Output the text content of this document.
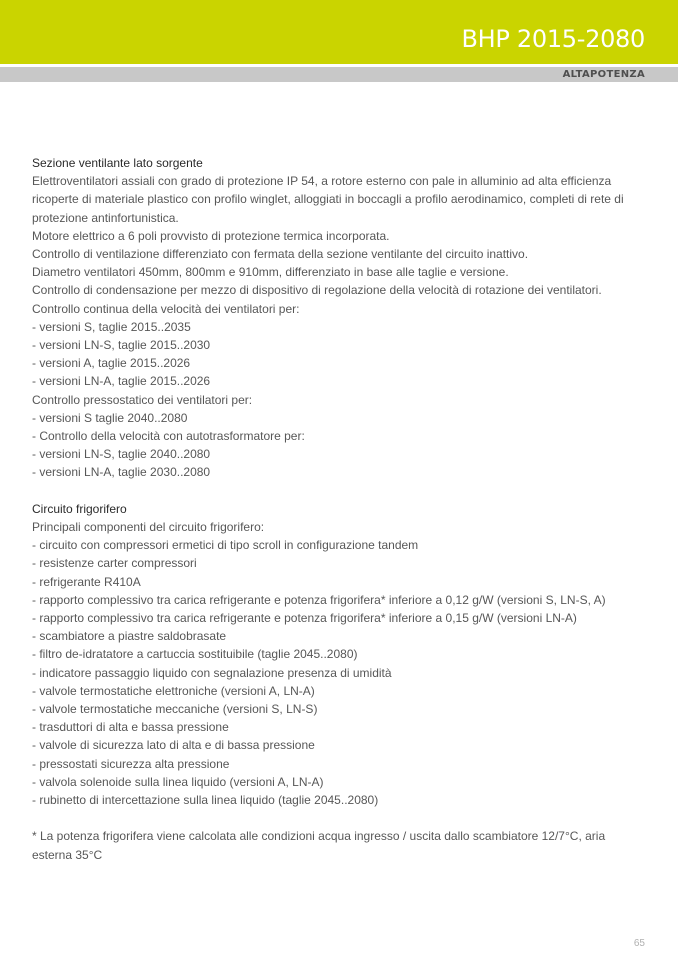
BHP 2015-2080
ALTAPOTENZA
Sezione ventilante lato sorgente

Elettroventilatori assiali con grado di protezione IP 54, a rotore esterno con pale in alluminio ad alta efficienza ricoperte di materiale plastico con profilo winglet, alloggiati in boccagli a profilo aerodinamico, completi di rete di protezione antinfortunistica.

Motore elettrico a 6 poli provvisto di protezione termica incorporata.
Controllo di ventilazione differenziato con fermata della sezione ventilante del circuito inattivo.
Diametro ventilatori 450mm, 800mm e 910mm, differenziato in base alle taglie e versione.
Controllo di condensazione per mezzo di dispositivo di regolazione della velocità di rotazione dei ventilatori.
Controllo continua della velocità dei ventilatori per:
- versioni S, taglie 2015..2035
- versioni LN-S, taglie 2015..2030
- versioni A, taglie 2015..2026
- versioni LN-A, taglie 2015..2026
Controllo pressostatico dei ventilatori per:
- versioni S taglie 2040..2080
- Controllo della velocità con autotrasformatore per:
- versioni LN-S, taglie 2040..2080
- versioni LN-A, taglie 2030..2080
Circuito frigorifero
Principali componenti del circuito frigorifero:
- circuito con compressori ermetici di tipo scroll in configurazione tandem
- resistenze carter compressori
- refrigerante R410A
- rapporto complessivo tra carica refrigerante e potenza frigorifera* inferiore a 0,12 g/W (versioni S, LN-S, A)
- rapporto complessivo tra carica refrigerante e potenza frigorifera* inferiore a 0,15 g/W (versioni LN-A)
- scambiatore a piastre saldobrasate
- filtro de-idratatore a cartuccia sostituibile (taglie 2045..2080)
- indicatore passaggio liquido con segnalazione presenza di umidità
- valvole termostatiche elettroniche (versioni A, LN-A)
- valvole termostatiche meccaniche (versioni S, LN-S)
- trasduttori di alta e bassa pressione
- valvole di sicurezza lato di alta e di bassa pressione
- pressostati sicurezza alta pressione
- valvola solenoide sulla linea liquido (versioni A, LN-A)
- rubinetto di intercettazione sulla linea liquido (taglie 2045..2080)

* La potenza frigorifera viene calcolata alle condizioni acqua ingresso / uscita dallo scambiatore 12/7°C, aria esterna 35°C

65
